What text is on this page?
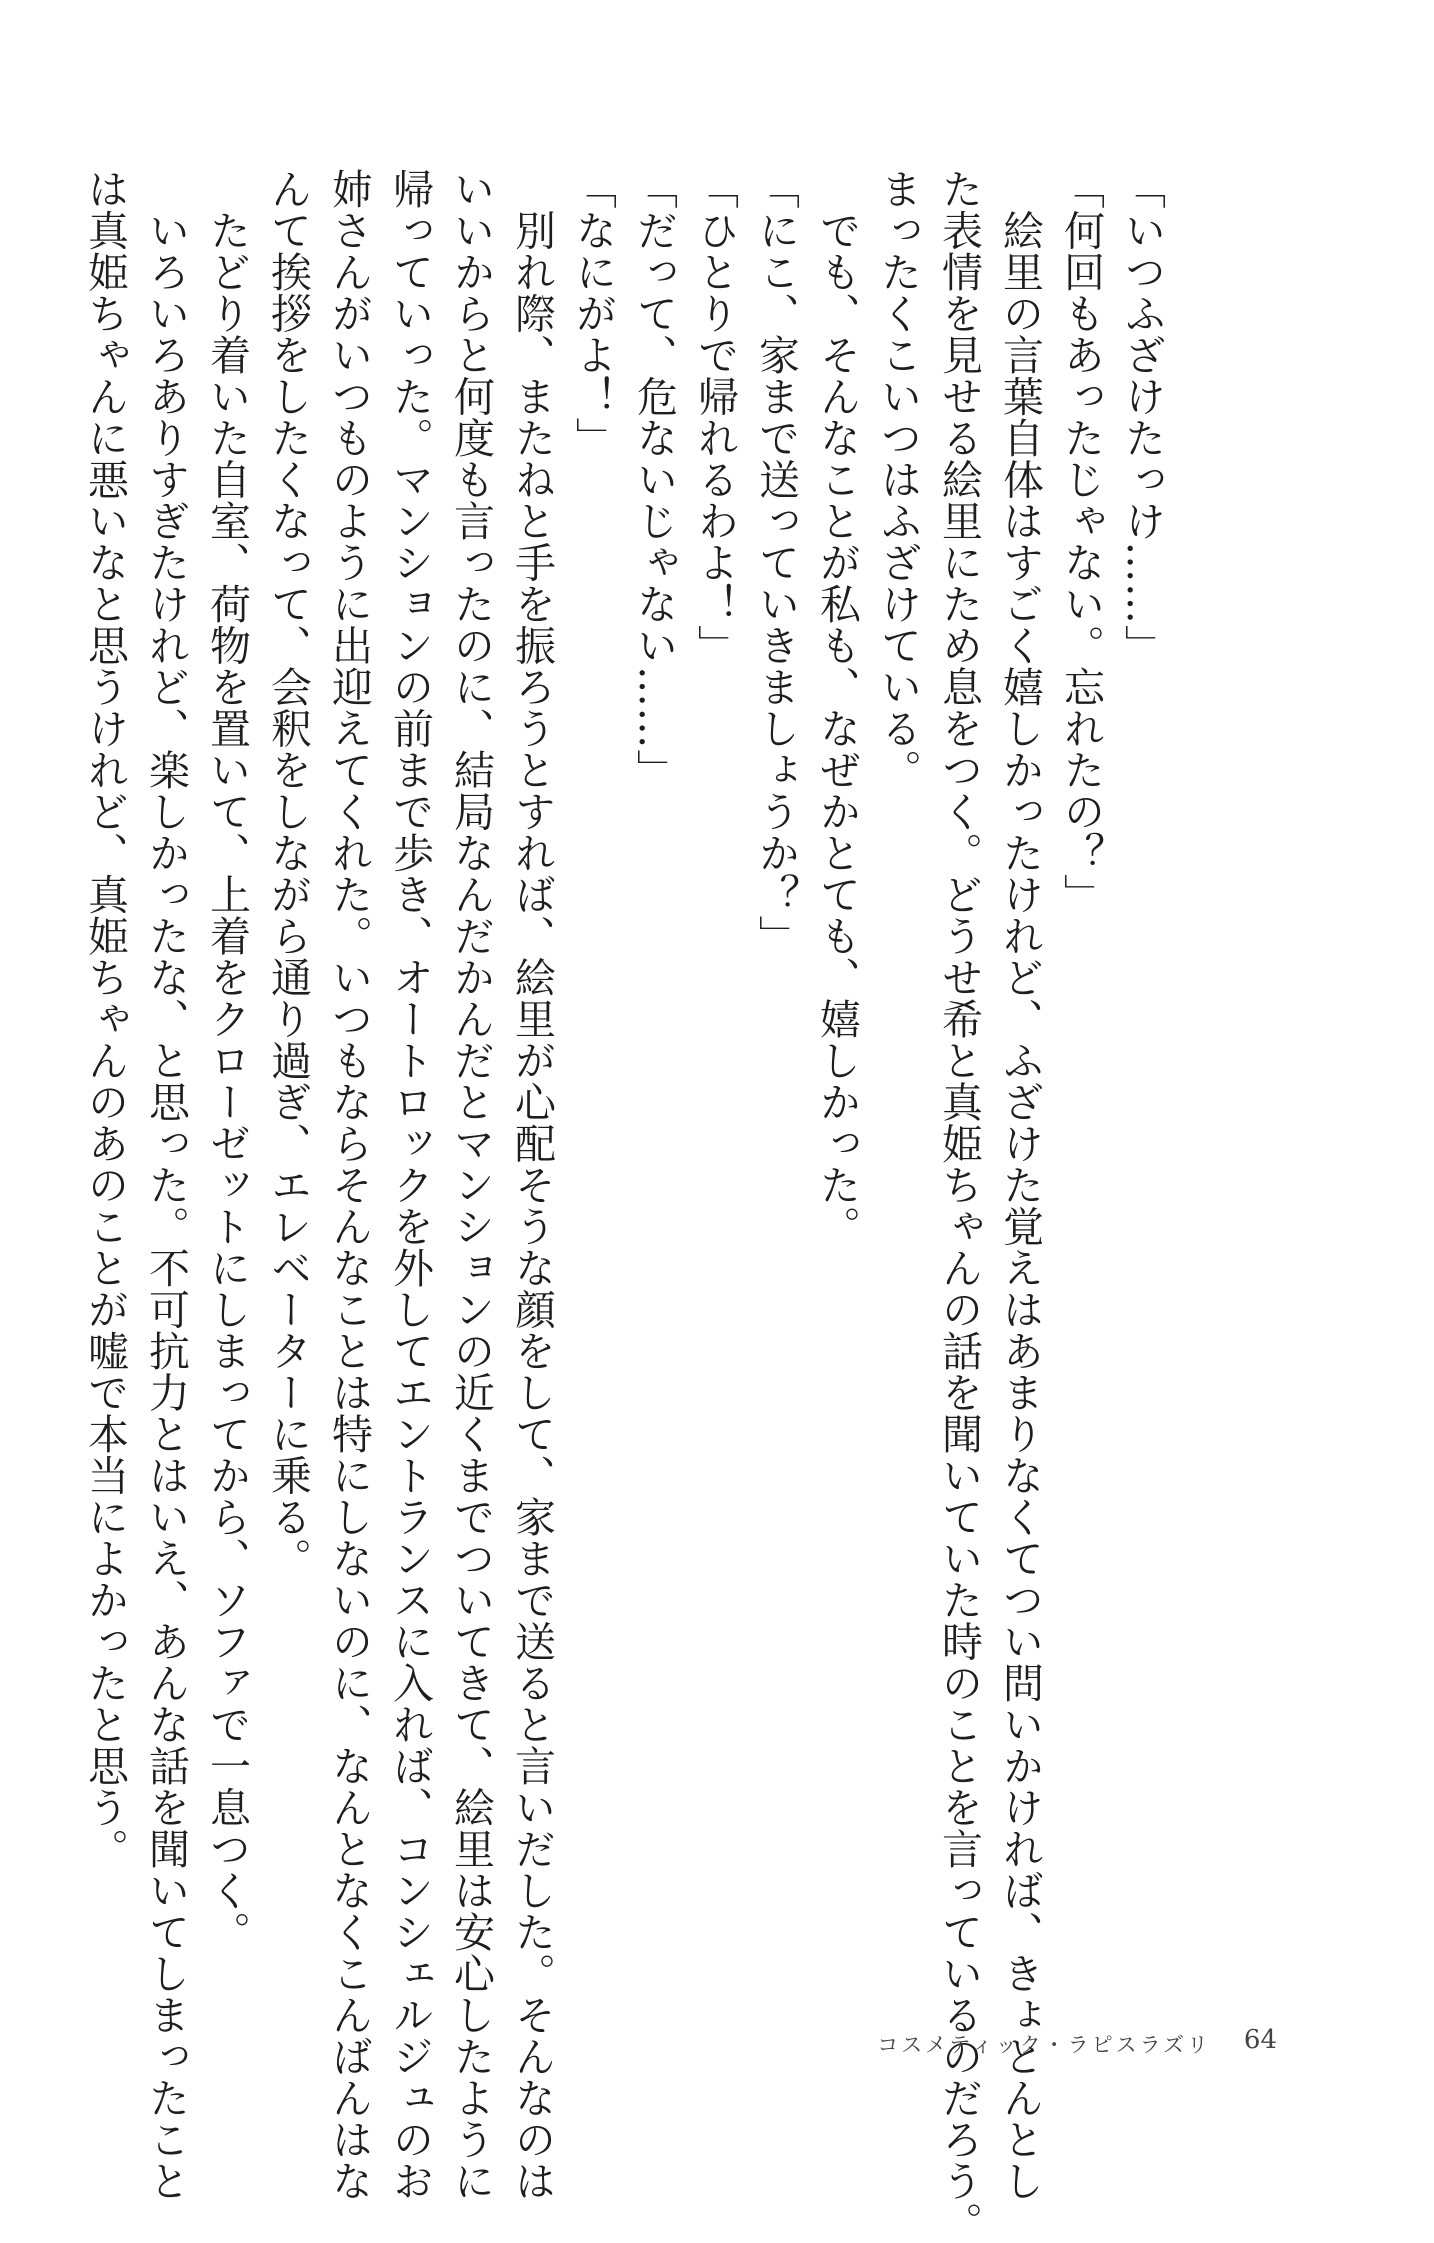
「いつふざけたっけ……」
「何回もあったじゃない。忘れたの？」
　絵里の言葉自体はすごく嬉しかったけれど、ふざけた覚えはあまりなくてつい問いかければ、きょとんとし
た表情を見せる絵里にため息をつく。どうせ希と真姫ちゃんの話を聞いていた時のことを言っているのだろう。
まったくこいつはふざけている。
　でも、そんなことが私も、なぜかとても、嬉しかった。
「にこ、家まで送っていきましょうか？」
「ひとりで帰れるわよ！」
「だって、危ないじゃない……」
「なにがよ！」
　別れ際、またねと手を振ろうとすれば、絵里が心配そうな顔をして、家まで送ると言いだした。そんなのは
いいからと何度も言ったのに、結局なんだかんだとマンションの近くまでついてきて、絵里は安心したように
帰っていった。マンションの前まで歩き、オートロックを外してエントランスに入れば、コンシェルジュのお
姉さんがいつものように出迎えてくれた。いつもならそんなことは特にしないのに、なんとなくこんばんはな
んて挨拶をしたくなって、会釈をしながら通り過ぎ、エレベーターに乗る。
　たどり着いた自室、荷物を置いて、上着をクローゼットにしまってから、ソファで一息つく。
　いろいろありすぎたけれど、楽しかったな、と思った。不可抗力とはいえ、あんな話を聞いてしまったこと
は真姫ちゃんに悪いなと思うけれど、真姫ちゃんのあのことが嘘で本当によかったと思う。
コスメティック・ラピスラズリ 64
